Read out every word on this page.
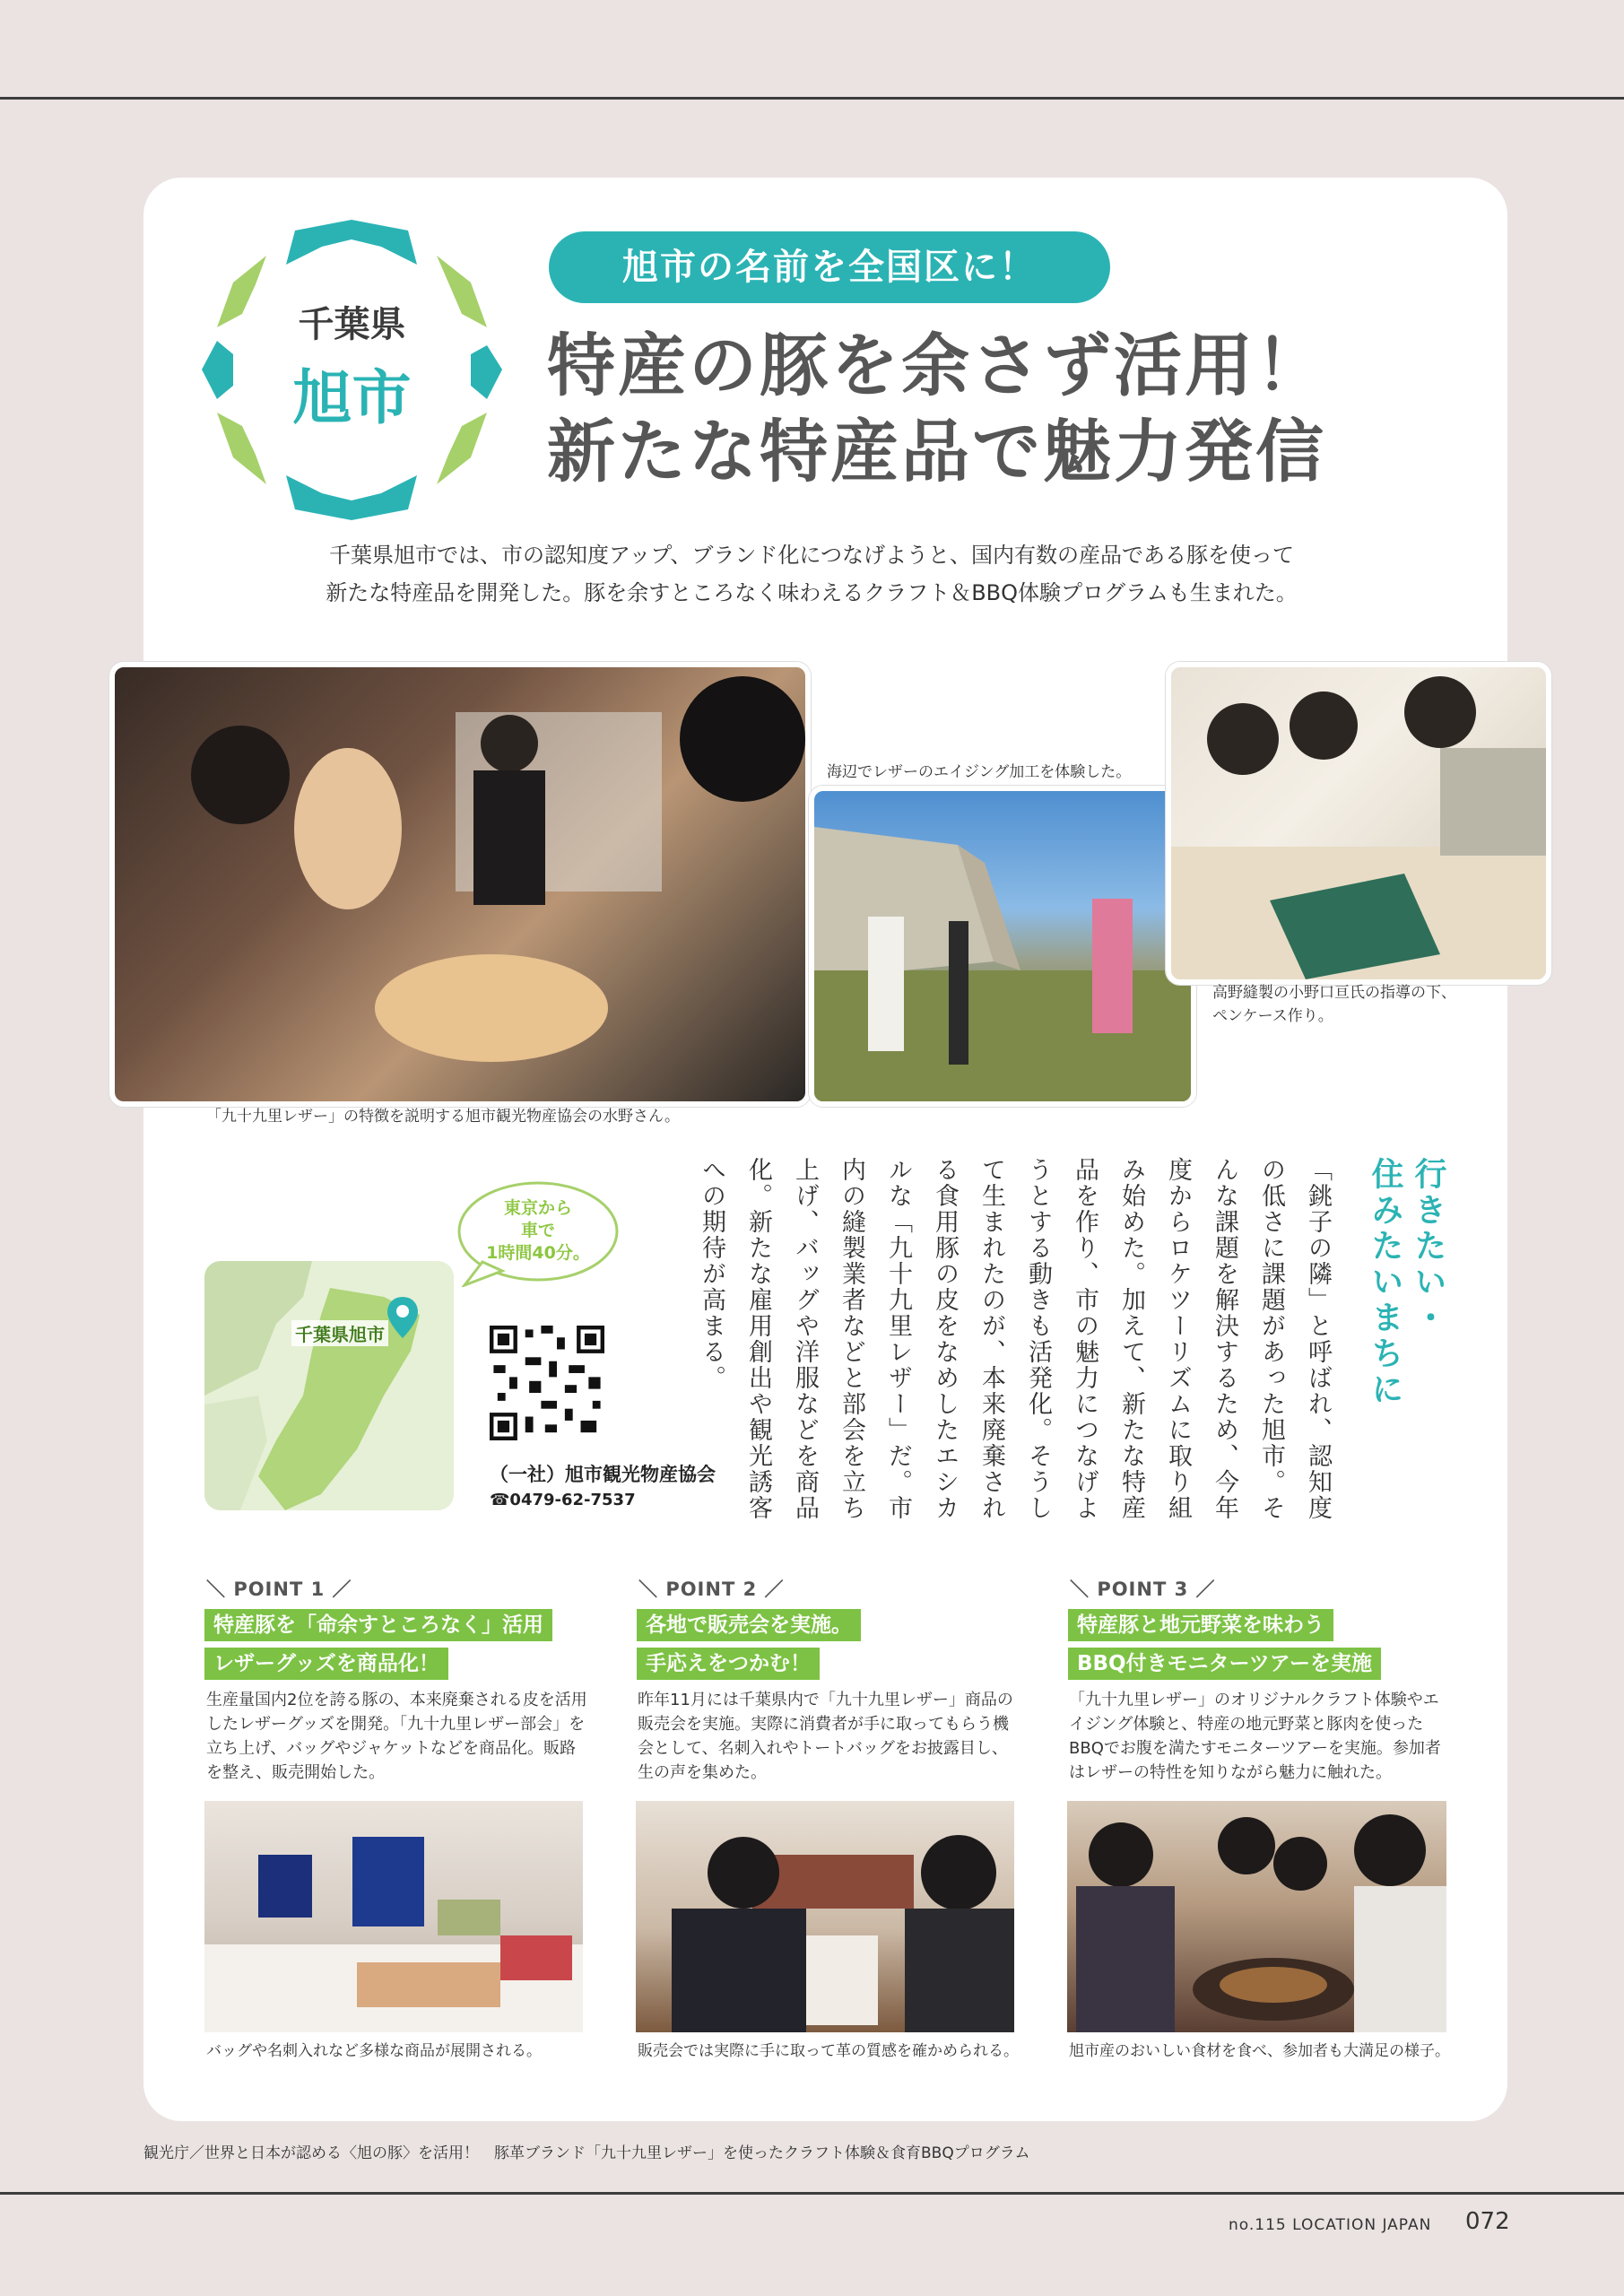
千葉県
旭市
旭市の名前を全国区に！
特産の豚を余さず活用！
新たな特産品で魅力発信
千葉県旭市では、市の認知度アップ、ブランド化につなげようと、国内有数の産品である豚を使って
新たな特産品を開発した。豚を余すところなく味わえるクラフト＆BBQ体験プログラムも生まれた。
海辺でレザーのエイジング加工を体験した。
高野縫製の小野口亘氏の指導の下、
ペンケース作り。
「九十九里レザー」の特徴を説明する旭市観光物産協会の水野さん。
行きたい・
住みたいまちに
「銚子の隣」と呼ばれ、認知度の低さに課題があった旭市。そんな課題を解決するため、今年度からロケツーリズムに取り組み始めた。加えて、新たな特産品を作り、市の魅力につなげようとする動きも活発化。そうして生まれたのが、本来廃棄される食用豚の皮をなめしたエシカルな「九十九里レザー」だ。市内の縫製業者などと部会を立ち上げ、バッグや洋服などを商品化。新たな雇用創出や観光誘客への期待が高まる。
千葉県旭市
東京から
車で
1時間40分。
（一社）旭市観光物産協会
☎0479-62-7537
＼ POINT 1 ／
特産豚を「命余すところなく」活用
レザーグッズを商品化！
生産量国内2位を誇る豚の、本来廃棄される皮を活用したレザーグッズを開発。「九十九里レザー部会」を立ち上げ、バッグやジャケットなどを商品化。販路を整え、販売開始した。
バッグや名刺入れなど多様な商品が展開される。
＼ POINT 2 ／
各地で販売会を実施。
手応えをつかむ！
昨年11月には千葉県内で「九十九里レザー」商品の販売会を実施。実際に消費者が手に取ってもらう機会として、名刺入れやトートバッグをお披露目し、生の声を集めた。
販売会では実際に手に取って革の質感を確かめられる。
＼ POINT 3 ／
特産豚と地元野菜を味わう
BBQ付きモニターツアーを実施
「九十九里レザー」のオリジナルクラフト体験やエイジング体験と、特産の地元野菜と豚肉を使ったBBQでお腹を満たすモニターツアーを実施。参加者はレザーの特性を知りながら魅力に触れた。
旭市産のおいしい食材を食べ、参加者も大満足の様子。
観光庁／世界と日本が認める〈旭の豚〉を活用！　豚革ブランド「九十九里レザー」を使ったクラフト体験＆食育BBQプログラム
no.115 LOCATION JAPAN 072
